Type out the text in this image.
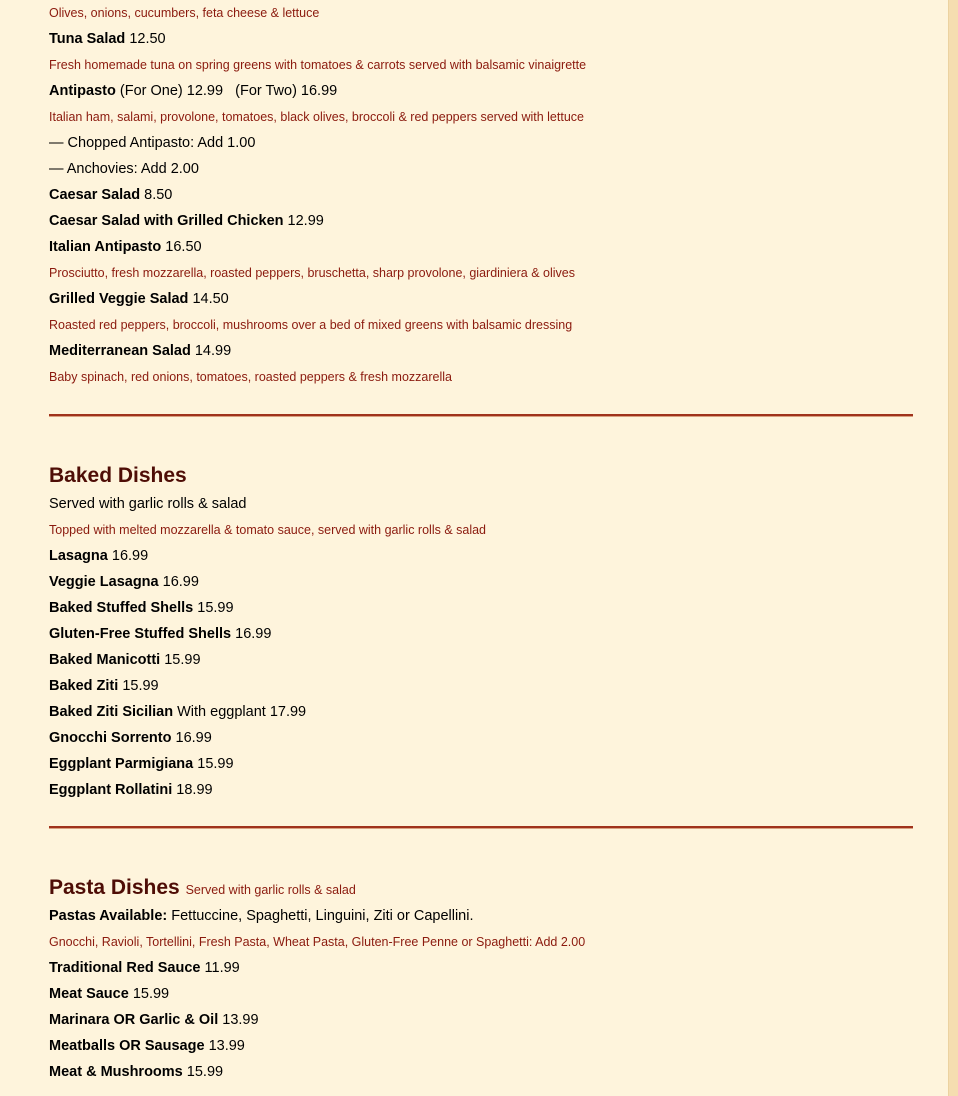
Olives, onions, cucumbers, feta cheese & lettuce
Tuna Salad 12.50
Fresh homemade tuna on spring greens with tomatoes & carrots served with balsamic vinaigrette
Antipasto (For One) 12.99   (For Two) 16.99
Italian ham, salami, provolone, tomatoes, black olives, broccoli & red peppers served with lettuce
— Chopped Antipasto: Add 1.00
— Anchovies: Add 2.00
Caesar Salad 8.50
Caesar Salad with Grilled Chicken 12.99
Italian Antipasto 16.50
Prosciutto, fresh mozzarella, roasted peppers, bruschetta, sharp provolone, giardiniera & olives
Grilled Veggie Salad 14.50
Roasted red peppers, broccoli, mushrooms over a bed of mixed greens with balsamic dressing
Mediterranean Salad 14.99
Baby spinach, red onions, tomatoes, roasted peppers & fresh mozzarella
Baked Dishes
Served with garlic rolls & salad
Topped with melted mozzarella & tomato sauce, served with garlic rolls & salad
Lasagna 16.99
Veggie Lasagna 16.99
Baked Stuffed Shells 15.99
Gluten-Free Stuffed Shells 16.99
Baked Manicotti 15.99
Baked Ziti 15.99
Baked Ziti Sicilian With eggplant 17.99
Gnocchi Sorrento 16.99
Eggplant Parmigiana 15.99
Eggplant Rollatini 18.99
Pasta Dishes Served with garlic rolls & salad
Pastas Available: Fettuccine, Spaghetti, Linguini, Ziti or Capellini.
Gnocchi, Ravioli, Tortellini, Fresh Pasta, Wheat Pasta, Gluten-Free Penne or Spaghetti: Add 2.00
Traditional Red Sauce 11.99
Meat Sauce 15.99
Marinara OR Garlic & Oil 13.99
Meatballs OR Sausage 13.99
Meat & Mushrooms 15.99
